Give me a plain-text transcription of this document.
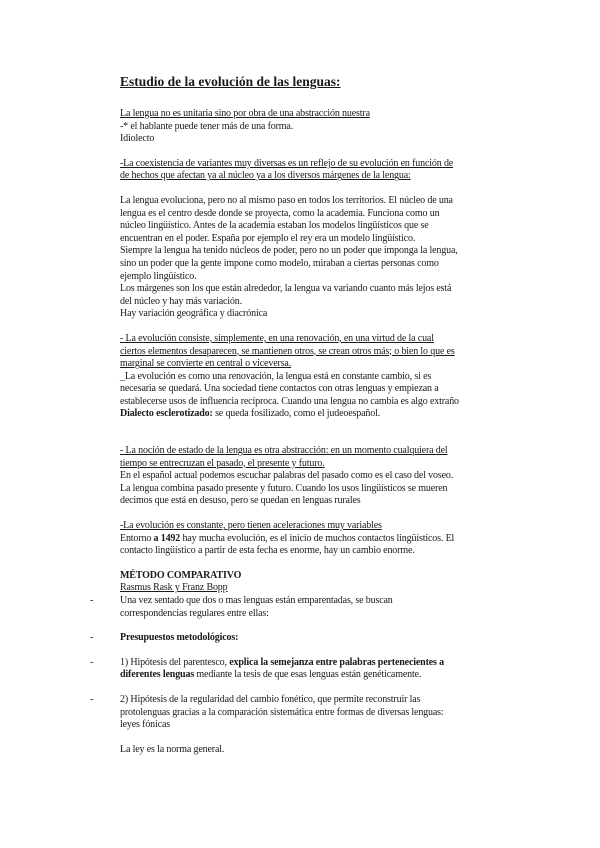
Estudio de la evolución de las lenguas:
La lengua no es unitaria sino por obra de una abstracción nuestra
-* el hablante puede tener más de una forma.
Idiolecto
-La coexistencia de variantes muy diversas es un reflejo de su evolución en función de
de hechos que afectan ya al núcleo ya a los diversos márgenes de la lengua:
La lengua evoluciona, pero no al mismo paso en todos los territorios. El núcleo de una
lengua es el centro desde donde se proyecta, como la academia. Funciona como un
núcleo lingüístico. Antes de la academia estaban los modelos lingüísticos que se
encuentran en el poder. España por ejemplo el rey era un modelo lingüístico.
Siempre la lengua ha tenido núcleos de poder, pero no un poder que imponga la lengua,
sino un poder que la gente impone como modelo, miraban a ciertas personas como
ejemplo lingüístico.
Los márgenes son los que están alrededor, la lengua va variando cuanto más lejos está
del núcleo y hay más variación.
Hay variación geográfica y diacrónica
- La evolución consiste, simplemente, en una renovación, en una virtud de la cual
ciertos elementos desaparecen, se mantienen otros, se crean otros más; o bien lo que es
marginal se convierte en central o viceversa.
_La evolución es como una renovación, la lengua está en constante cambio, si es
necesaria se quedará. Una sociedad tiene contactos con otras lenguas y empiezan a
establecerse usos de influencia recíproca. Cuando una lengua no cambia es algo extraño
Dialecto esclerotizado: se queda fosilizado, como el judeoespañol.
- La noción de estado de la lengua es otra abstracción: en un momento cualquiera del
tiempo se entrecruzan el pasado, el presente y futuro.
En el español actual podemos escuchar palabras del pasado como es el caso del voseo.
La lengua combina pasado presente y futuro. Cuando los usos lingüísticos se mueren
decimos que está en desuso, pero se quedan en lenguas rurales
-La evolución es constante, pero tienen aceleraciones muy variables
Entorno a 1492 hay mucha evolución, es el inicio de muchos contactos lingüísticos. El
contacto lingüístico a partir de esta fecha es enorme, hay un cambio enorme.
MÉTODO COMPARATIVO
Rasmus Rask y Franz Bopp
-	Una vez sentado que dos o mas lenguas están emparentadas, se buscan
correspondencias regulares entre ellas:
-	Presupuestos metodológicos:
-	1) Hipótesis del parentesco, explica la semejanza entre palabras pertenecientes a
diferentes lenguas mediante la tesis de que esas lenguas están genéticamente.
-	2) Hipótesis de la regularidad del cambio fonético, que permite reconstruir las
protolenguas gracias a la comparación sistemática entre formas de diversas lenguas:
leyes fónicas
La ley es la norma general.
